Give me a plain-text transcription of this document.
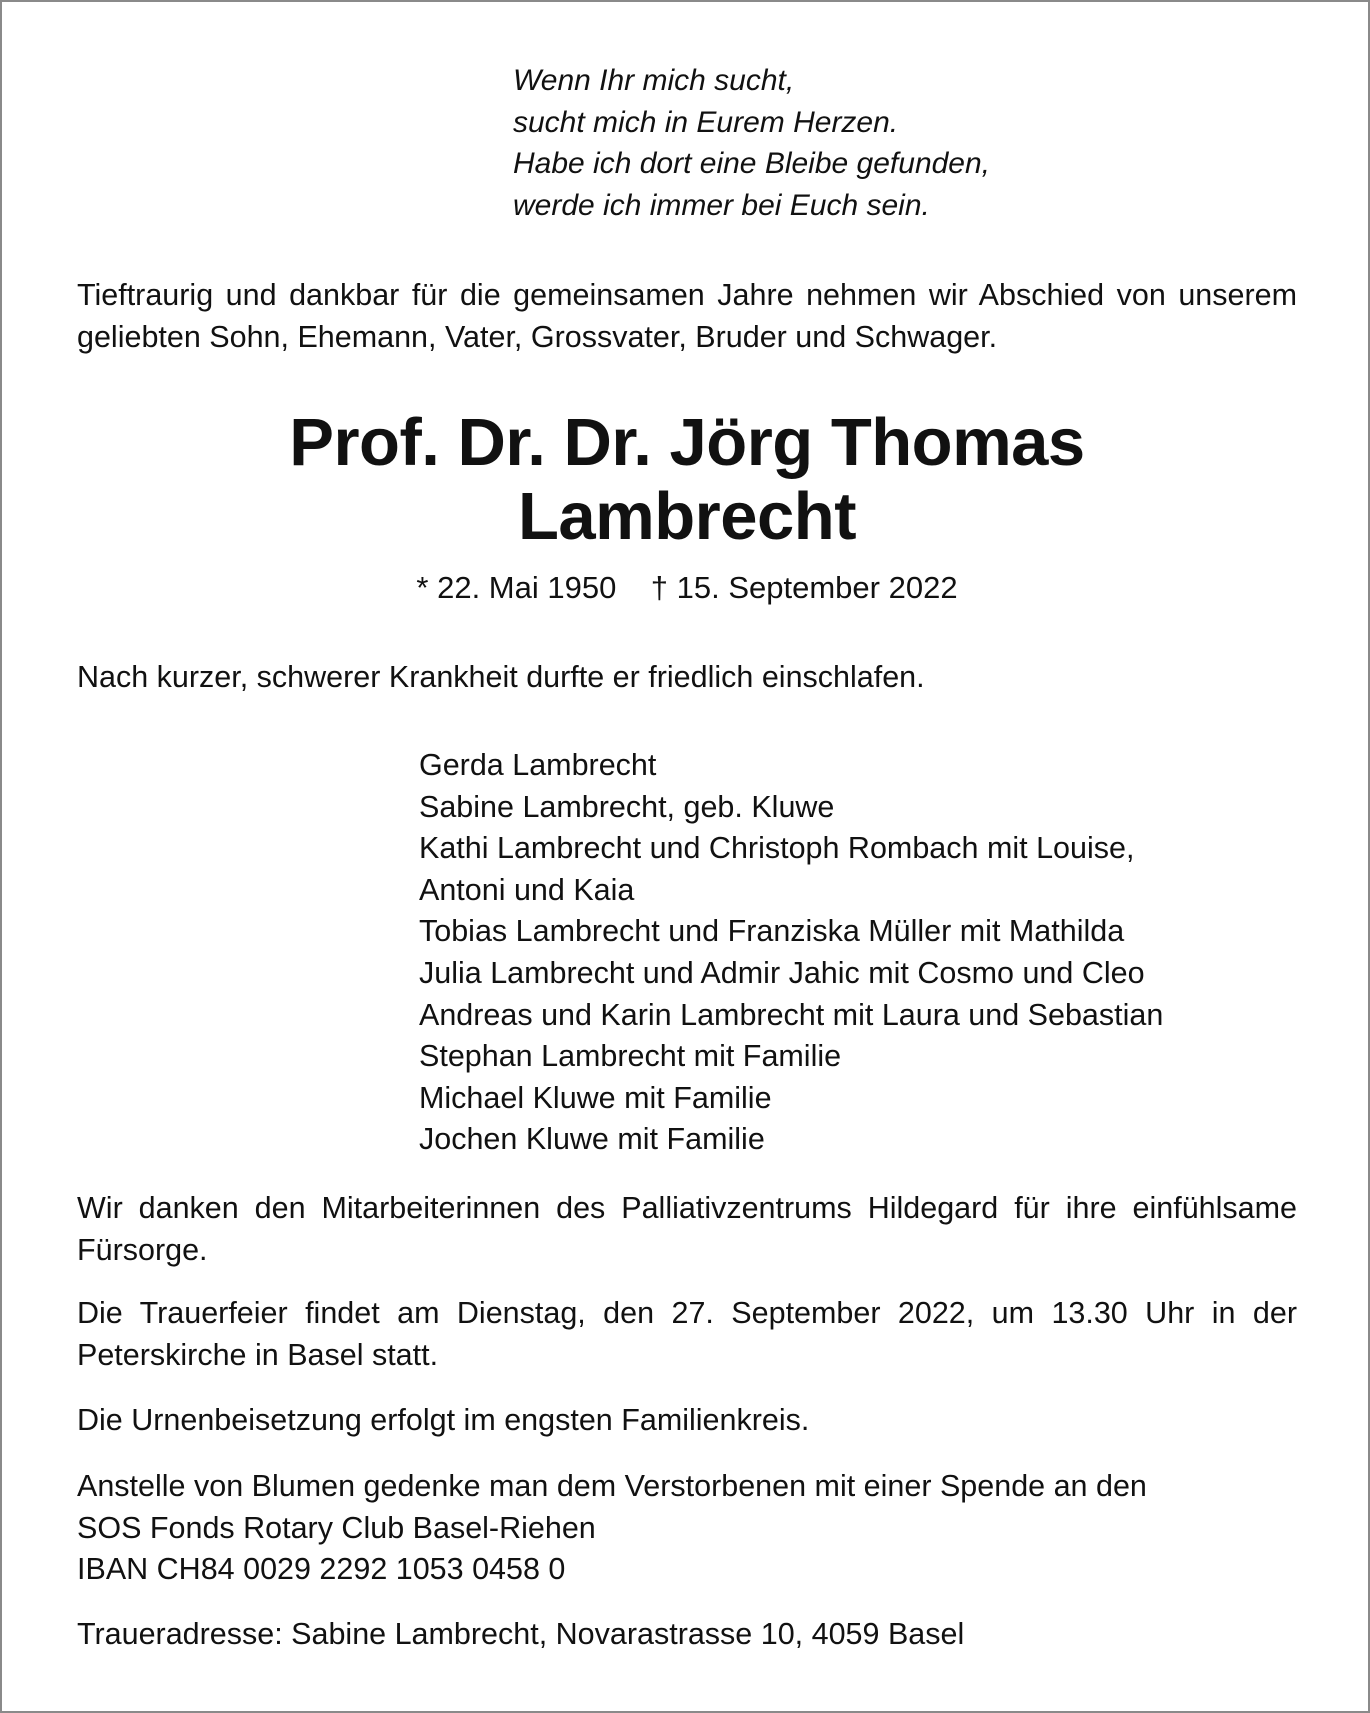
Wenn Ihr mich sucht,
sucht mich in Eurem Herzen.
Habe ich dort eine Bleibe gefunden,
werde ich immer bei Euch sein.
Tieftraurig und dankbar für die gemeinsamen Jahre nehmen wir Abschied von unserem geliebten Sohn, Ehemann, Vater, Grossvater, Bruder und Schwager.
Prof. Dr. Dr. Jörg Thomas
Lambrecht
* 22. Mai 1950    † 15. September 2022
Nach kurzer, schwerer Krankheit durfte er friedlich einschlafen.
Gerda Lambrecht
Sabine Lambrecht, geb. Kluwe
Kathi Lambrecht und Christoph Rombach mit Louise,
Antoni und Kaia
Tobias Lambrecht und Franziska Müller mit Mathilda
Julia Lambrecht und Admir Jahic mit Cosmo und Cleo
Andreas und Karin Lambrecht mit Laura und Sebastian
Stephan Lambrecht mit Familie
Michael Kluwe mit Familie
Jochen Kluwe mit Familie
Wir danken den Mitarbeiterinnen des Palliativzentrums Hildegard für ihre einfühlsame Fürsorge.
Die Trauerfeier findet am Dienstag, den 27. September 2022, um 13.30 Uhr in der Peterskirche in Basel statt.
Die Urnenbeisetzung erfolgt im engsten Familienkreis.
Anstelle von Blumen gedenke man dem Verstorbenen mit einer Spende an den
SOS Fonds Rotary Club Basel-Riehen
IBAN CH84 0029 2292 1053 0458 0
Traueradresse: Sabine Lambrecht, Novarastrasse 10, 4059 Basel
